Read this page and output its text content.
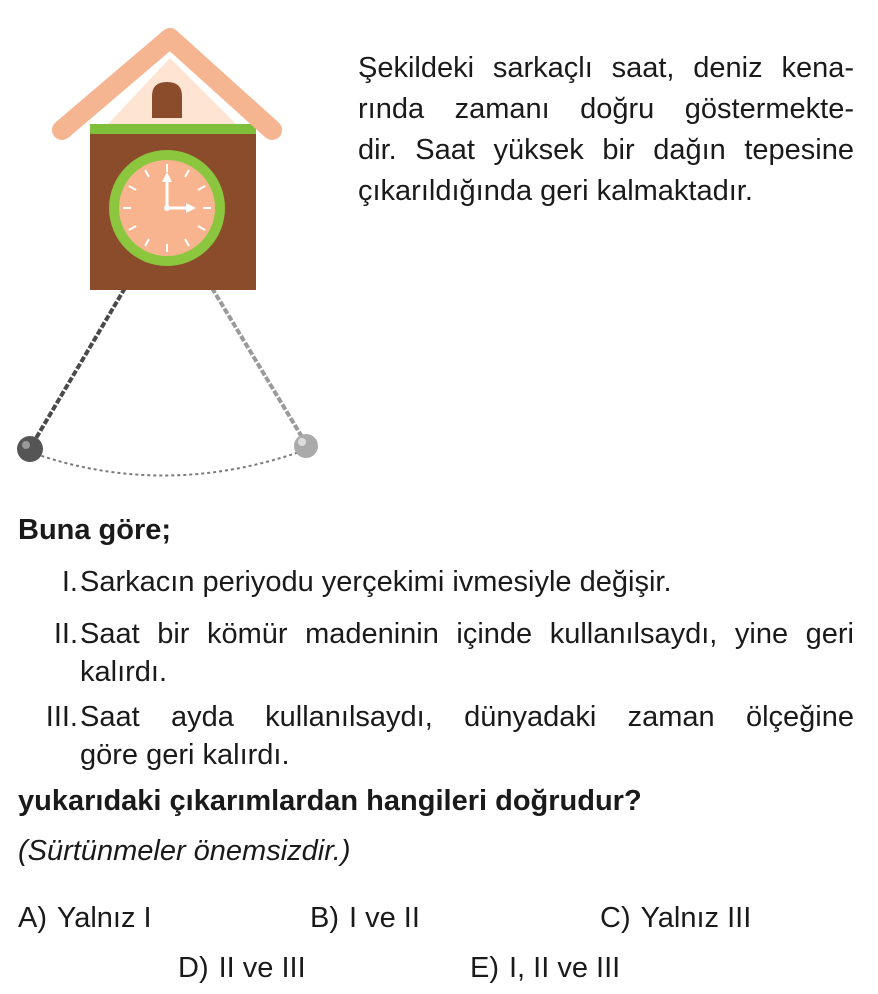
Şekildeki sarkaçlı saat, deniz kena-
rında zamanı doğru göstermekte-
dir. Saat yüksek bir dağın tepesine
çıkarıldığında geri kalmaktadır.
Buna göre;
I. Sarkacın periyodu yerçekimi ivmesiyle değişir.
II. Saat bir kömür madeninin içinde kullanılsaydı, yine geri
kalırdı.
III. Saat ayda kullanılsaydı, dünyadaki zaman ölçeğine
göre geri kalırdı.
yukarıdaki çıkarımlardan hangileri doğrudur?
(Sürtünmeler önemsizdir.)
A) Yalnız I	B) I ve II	C) Yalnız III
D) II ve III	E) I, II ve III
